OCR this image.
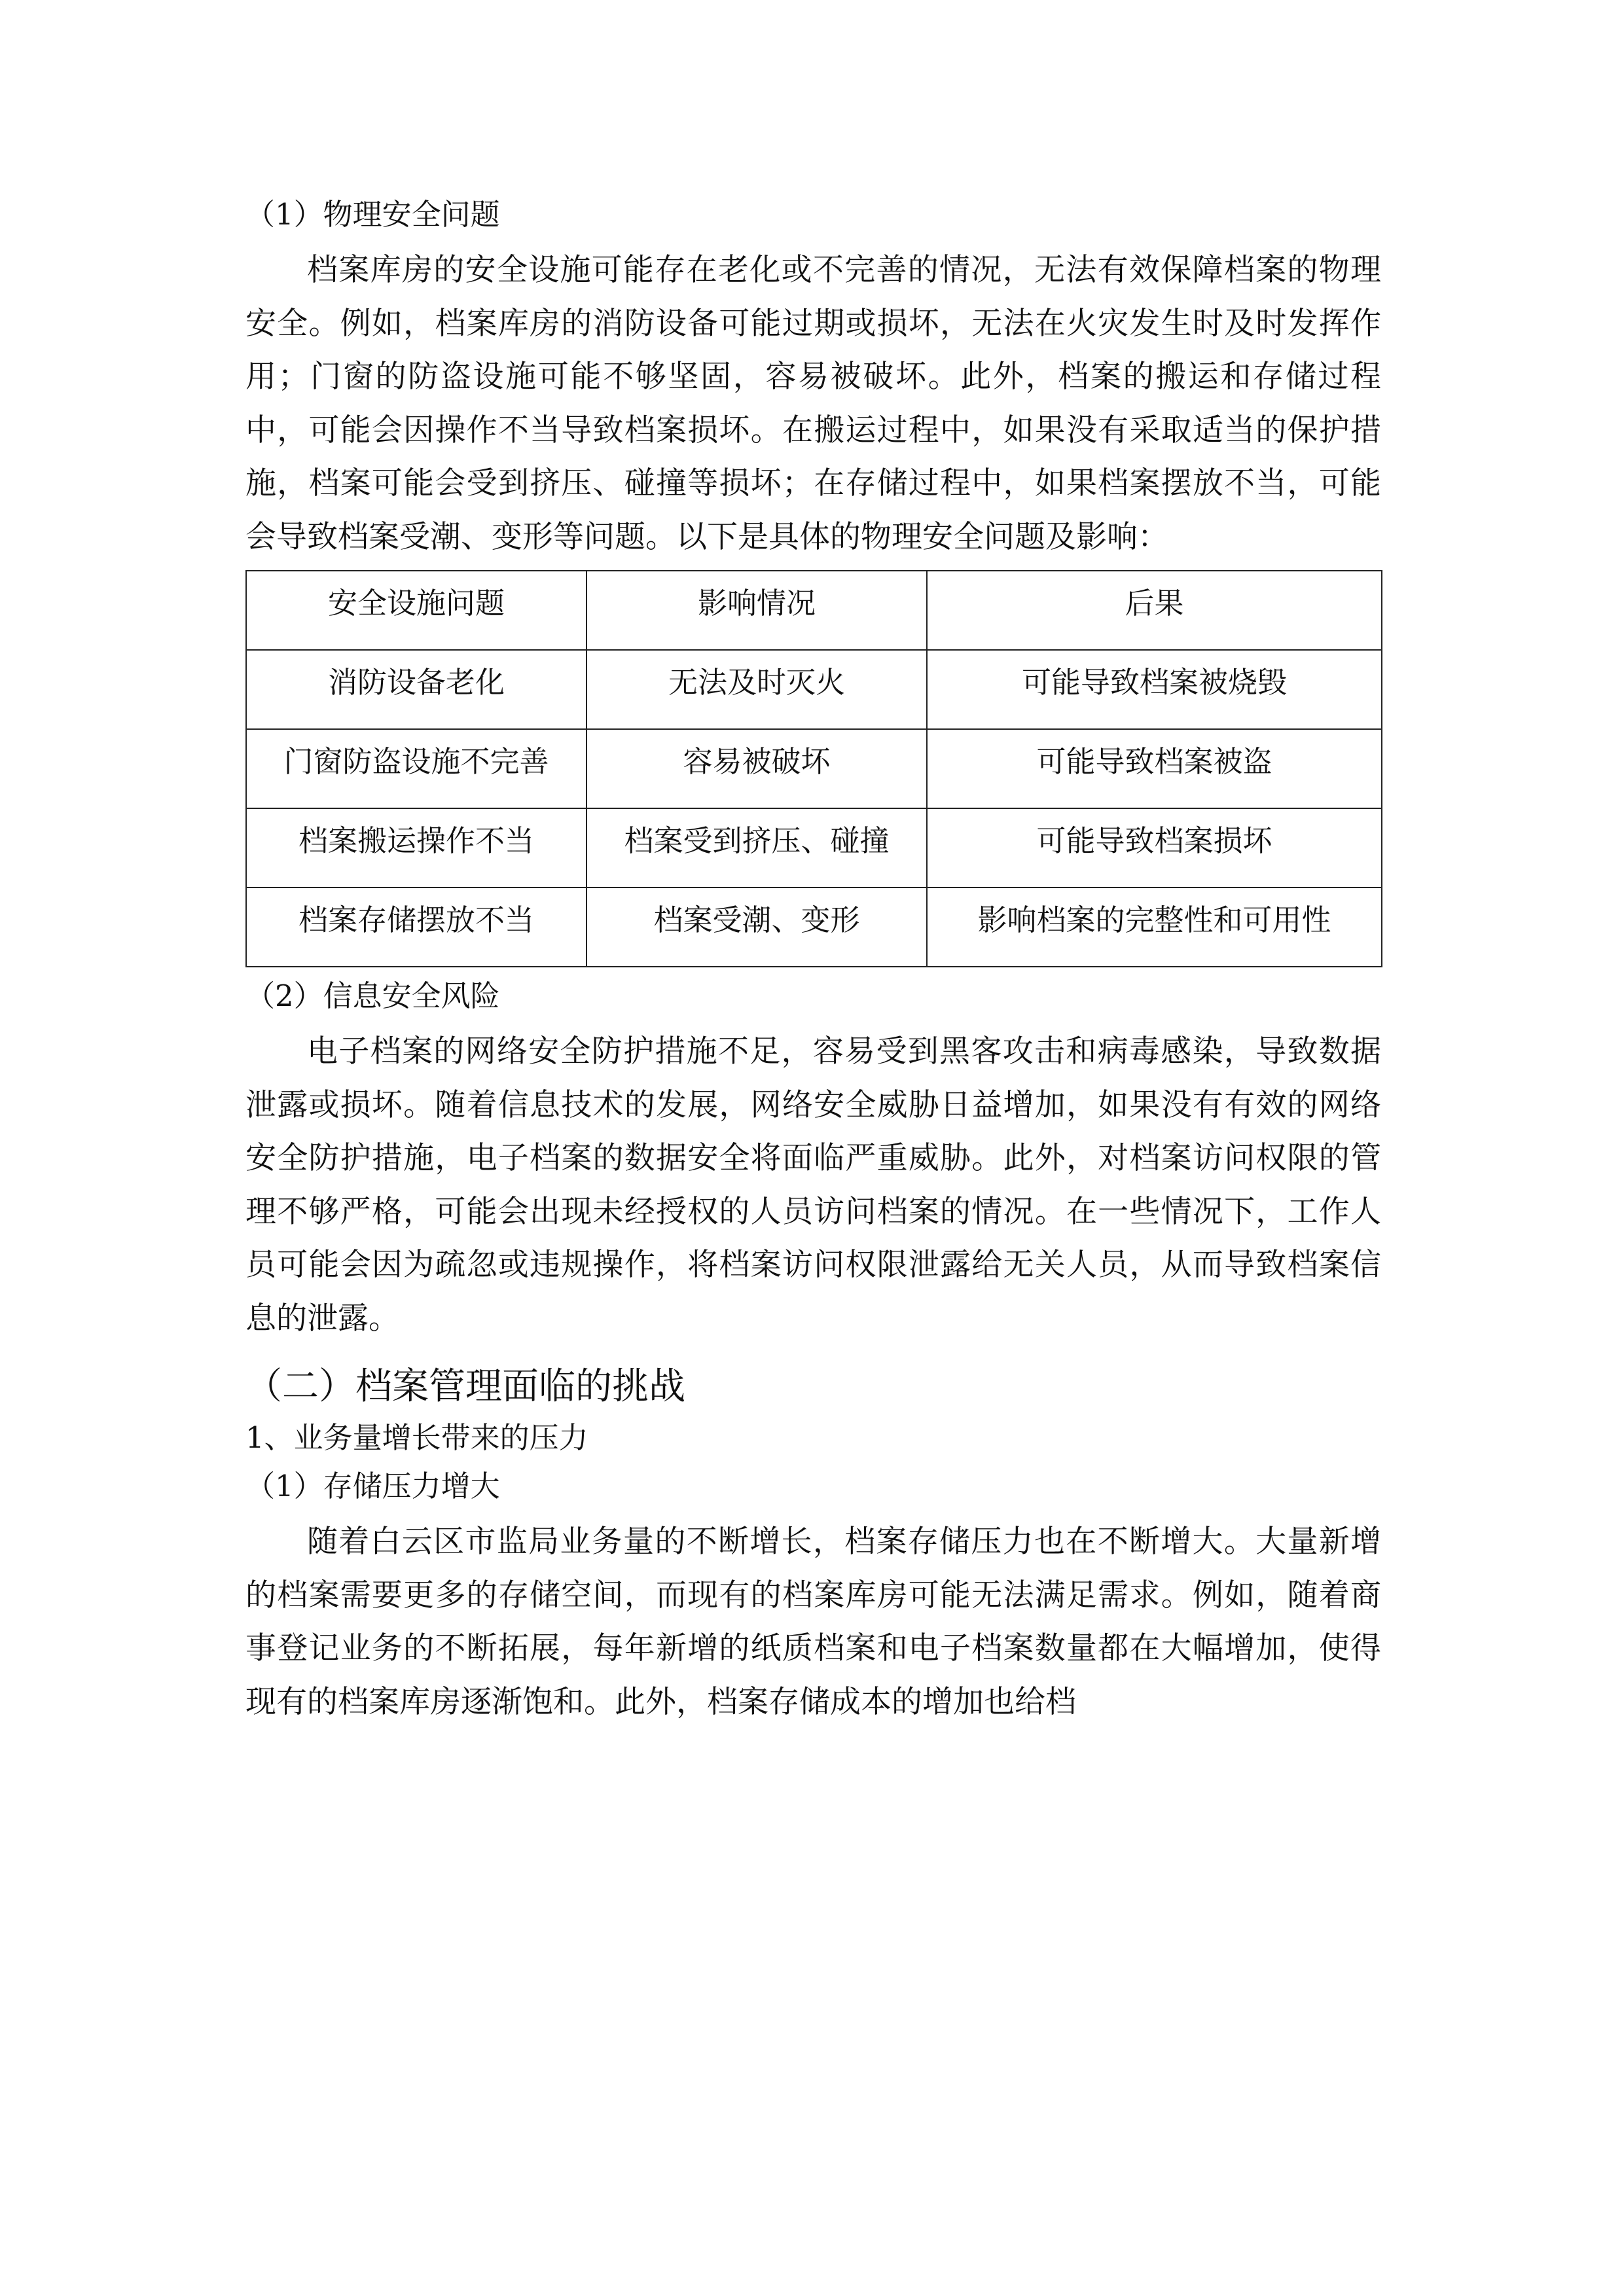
（1）物理安全问题

档案库房的安全设施可能存在老化或不完善的情况，无法有效保障档案的物理安全。例如，档案库房的消防设备可能过期或损坏，无法在火灾发生时及时发挥作用；门窗的防盗设施可能不够坚固，容易被破坏。此外，档案的搬运和存储过程中，可能会因操作不当导致档案损坏。在搬运过程中，如果没有采取适当的保护措施，档案可能会受到挤压、碰撞等损坏；在存储过程中，如果档案摆放不当，可能会导致档案受潮、变形等问题。以下是具体的物理安全问题及影响：

安全设施问题	影响情况	后果
消防设备老化	无法及时灭火	可能导致档案被烧毁
门窗防盗设施不完善	容易被破坏	可能导致档案被盗
档案搬运操作不当	档案受到挤压、碰撞	可能导致档案损坏
档案存储摆放不当	档案受潮、变形	影响档案的完整性和可用性
（2）信息安全风险

电子档案的网络安全防护措施不足，容易受到黑客攻击和病毒感染，导致数据泄露或损坏。随着信息技术的发展，网络安全威胁日益增加，如果没有有效的网络安全防护措施，电子档案的数据安全将面临严重威胁。此外，对档案访问权限的管理不够严格，可能会出现未经授权的人员访问档案的情况。在一些情况下，工作人员可能会因为疏忽或违规操作，将档案访问权限泄露给无关人员，从而导致档案信息的泄露。

（二）档案管理面临的挑战
1、业务量增长带来的压力
（1）存储压力增大

随着白云区市监局业务量的不断增长，档案存储压力也在不断增大。大量新增的档案需要更多的存储空间，而现有的档案库房可能无法满足需求。例如，随着商事登记业务的不断拓展，每年新增的纸质档案和电子档案数量都在大幅增加，使得现有的档案库房逐渐饱和。此外，档案存储成本的增加也给档
